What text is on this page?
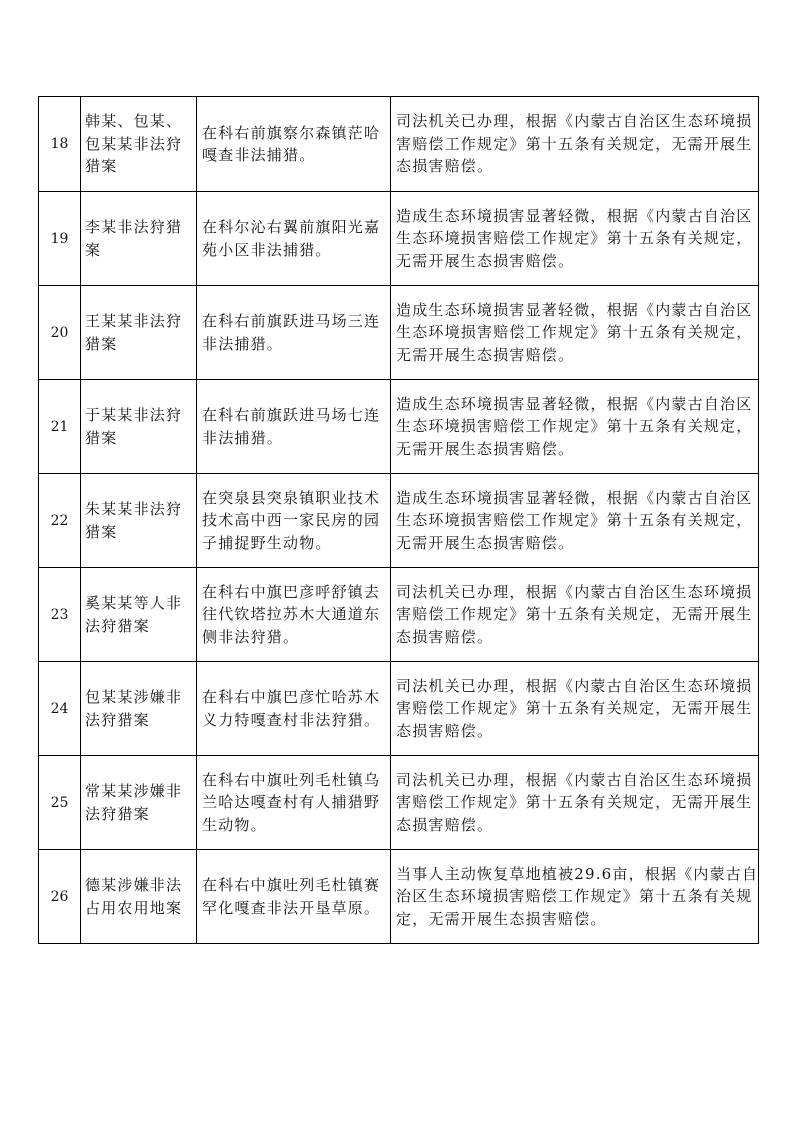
18
韩某、包某、
包某某非法狩
猎案
在科右前旗察尔森镇茫哈
嘎查非法捕猎。
司法机关已办理，根据《内蒙古自治区生态环境损
害赔偿工作规定》第十五条有关规定，无需开展生
态损害赔偿。
19
李某非法狩猎
案
在科尔沁右翼前旗阳光嘉
苑小区非法捕猎。
造成生态环境损害显著轻微，根据《内蒙古自治区
生态环境损害赔偿工作规定》第十五条有关规定，
无需开展生态损害赔偿。
20
王某某非法狩
猎案
在科右前旗跃进马场三连
非法捕猎。
造成生态环境损害显著轻微，根据《内蒙古自治区
生态环境损害赔偿工作规定》第十五条有关规定，
无需开展生态损害赔偿。
21
于某某非法狩
猎案
在科右前旗跃进马场七连
非法捕猎。
造成生态环境损害显著轻微，根据《内蒙古自治区
生态环境损害赔偿工作规定》第十五条有关规定，
无需开展生态损害赔偿。
22
朱某某非法狩
猎案
在突泉县突泉镇职业技术
技术高中西一家民房的园
子捕捉野生动物。
造成生态环境损害显著轻微，根据《内蒙古自治区
生态环境损害赔偿工作规定》第十五条有关规定，
无需开展生态损害赔偿。
23
奚某某等人非
法狩猎案
在科右中旗巴彦呼舒镇去
往代钦塔拉苏木大通道东
侧非法狩猎。
司法机关已办理，根据《内蒙古自治区生态环境损
害赔偿工作规定》第十五条有关规定，无需开展生
态损害赔偿。
24
包某某涉嫌非
法狩猎案
在科右中旗巴彦忙哈苏木
义力特嘎查村非法狩猎。
司法机关已办理，根据《内蒙古自治区生态环境损
害赔偿工作规定》第十五条有关规定，无需开展生
态损害赔偿。
25
常某某涉嫌非
法狩猎案
在科右中旗吐列毛杜镇乌
兰哈达嘎查村有人捕猎野
生动物。
司法机关已办理，根据《内蒙古自治区生态环境损
害赔偿工作规定》第十五条有关规定，无需开展生
态损害赔偿。
26
德某涉嫌非法
占用农用地案
在科右中旗吐列毛杜镇赛
罕化嘎查非法开垦草原。
当事人主动恢复草地植被29.6亩，根据《内蒙古自
治区生态环境损害赔偿工作规定》第十五条有关规
定，无需开展生态损害赔偿。
